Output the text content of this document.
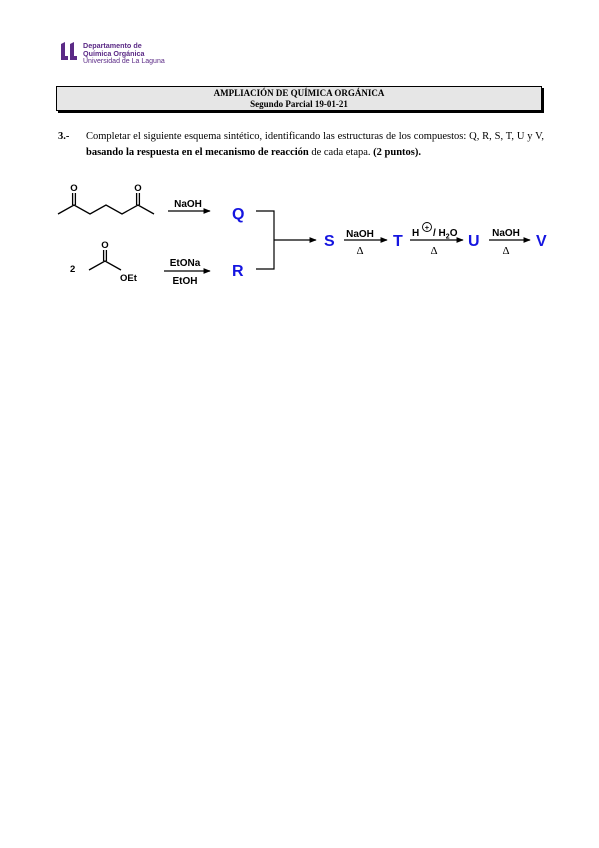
Departamento de
Química Orgánica
Universidad de La Laguna
AMPLIACIÓN DE QUÍMICA ORGÁNICA
Segundo Parcial 19-01-21
3.- Completar el siguiente esquema sintético, identificando las estructuras de los compuestos: Q, R, S, T, U y V, basando la respuesta en el mecanismo de reacción de cada etapa. (2 puntos).
O	O
NaOH
Q
2
O
OEt
EtONa
EtOH
R
S NaOH
Δ
T H
+
/ $H_2O$
Δ
U NaOH
Δ
V
